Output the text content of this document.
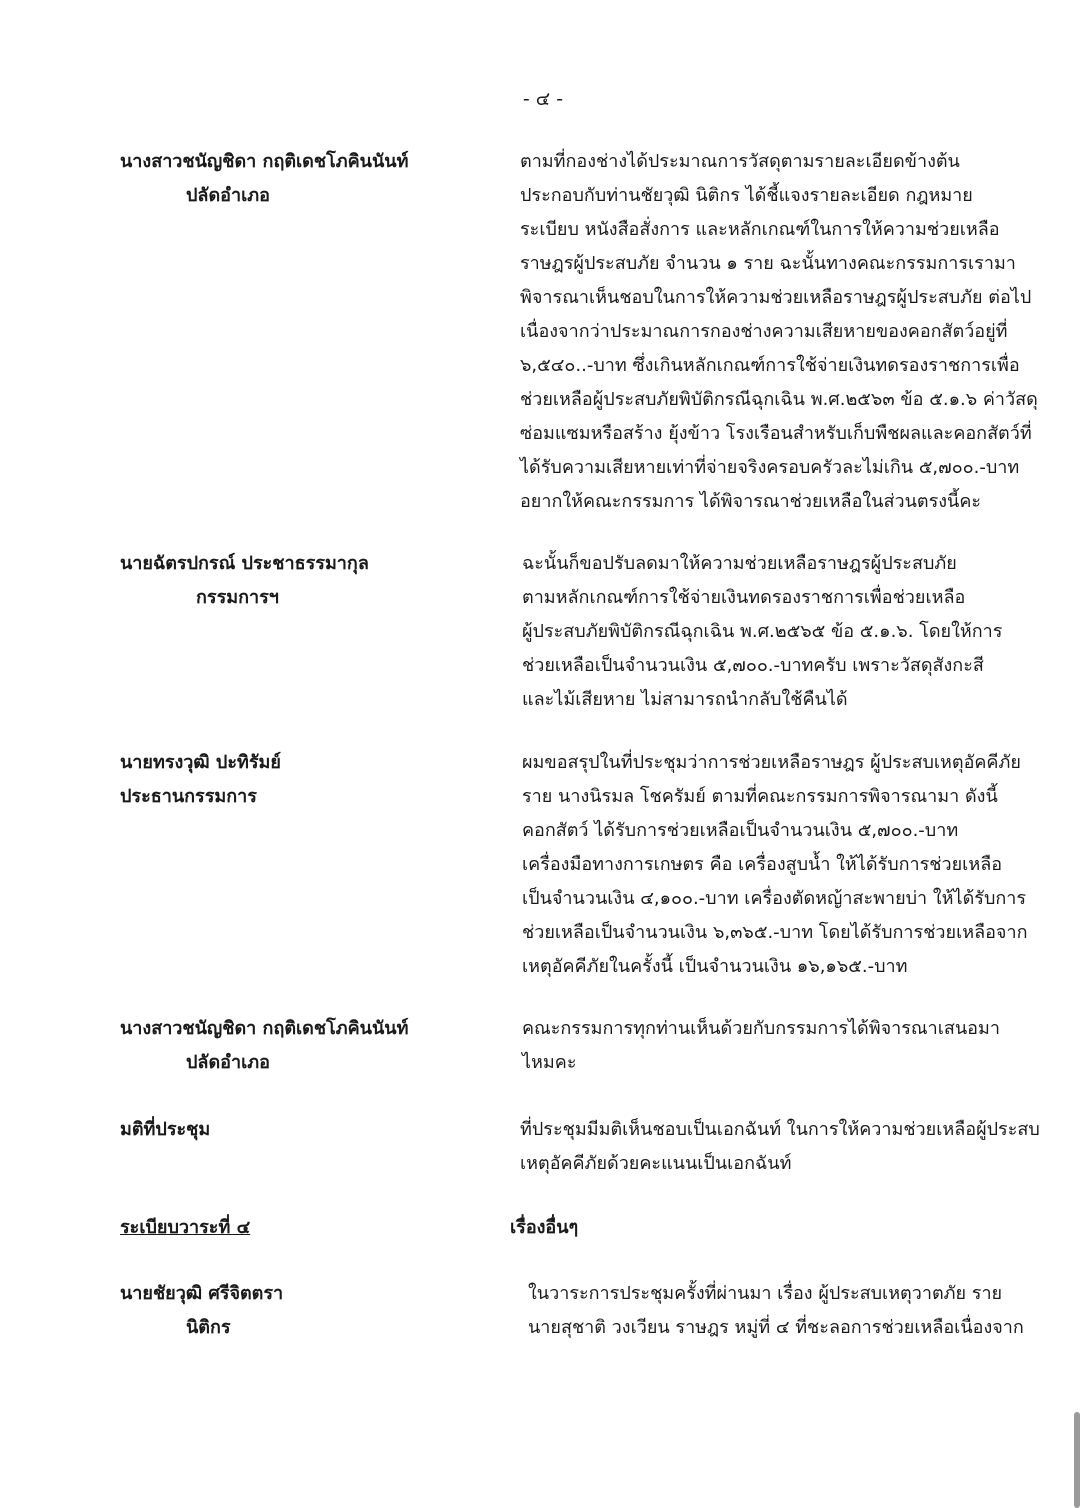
- ๔ -
นางสาวชนัญชิดา กฤติเดชโภคินนันท์
ปลัดอำเภอ
ตามที่กองช่างได้ประมาณการวัสดุตามรายละเอียดข้างต้น
ประกอบกับท่านชัยวุฒิ นิติกร ได้ชี้แจงรายละเอียด กฎหมาย
ระเบียบ หนังสือสั่งการ และหลักเกณฑ์ในการให้ความช่วยเหลือ
ราษฎรผู้ประสบภัย จำนวน ๑ ราย ฉะนั้นทางคณะกรรมการเรามา
พิจารณาเห็นชอบในการให้ความช่วยเหลือราษฎรผู้ประสบภัย ต่อไป
เนื่องจากว่าประมาณการกองช่างความเสียหายของคอกสัตว์อยู่ที่
๖,๕๔๐..-บาท ซึ่งเกินหลักเกณฑ์การใช้จ่ายเงินทดรองราชการเพื่อ
ช่วยเหลือผู้ประสบภัยพิบัติกรณีฉุกเฉิน พ.ศ.๒๕๖๓ ข้อ ๕.๑.๖ ค่าวัสดุ
ซ่อมแซมหรือสร้าง ยุ้งข้าว โรงเรือนสำหรับเก็บพืชผลและคอกสัตว์ที่
ได้รับความเสียหายเท่าที่จ่ายจริงครอบครัวละไม่เกิน ๕,๗๐๐.-บาท
อยากให้คณะกรรมการ ได้พิจารณาช่วยเหลือในส่วนตรงนี้คะ
นายฉัตรปกรณ์ ประชาธรรมากุล
กรรมการฯ
ฉะนั้นก็ขอปรับลดมาให้ความช่วยเหลือราษฎรผู้ประสบภัย
ตามหลักเกณฑ์การใช้จ่ายเงินทดรองราชการเพื่อช่วยเหลือ
ผู้ประสบภัยพิบัติกรณีฉุกเฉิน พ.ศ.๒๕๖๕ ข้อ ๕.๑.๖. โดยให้การ
ช่วยเหลือเป็นจำนวนเงิน ๕,๗๐๐.-บาทครับ เพราะวัสดุสังกะสี
และไม้เสียหาย ไม่สามารถนำกลับใช้คืนได้
นายทรงวุฒิ ปะทิรัมย์
ประธานกรรมการ
ผมขอสรุปในที่ประชุมว่าการช่วยเหลือราษฎร ผู้ประสบเหตุอัคคีภัย
ราย นางนิรมล โชครัมย์ ตามที่คณะกรรมการพิจารณามา ดังนี้
คอกสัตว์ ได้รับการช่วยเหลือเป็นจำนวนเงิน ๕,๗๐๐.-บาท
เครื่องมือทางการเกษตร คือ เครื่องสูบน้ำ ให้ได้รับการช่วยเหลือ
เป็นจำนวนเงิน ๔,๑๐๐.-บาท เครื่องตัดหญ้าสะพายบ่า ให้ได้รับการ
ช่วยเหลือเป็นจำนวนเงิน ๖,๓๖๕.-บาท โดยได้รับการช่วยเหลือจาก
เหตุอัคคีภัยในครั้งนี้ เป็นจำนวนเงิน ๑๖,๑๖๕.-บาท
นางสาวชนัญชิดา กฤติเดชโภคินนันท์
ปลัดอำเภอ
คณะกรรมการทุกท่านเห็นด้วยกับกรรมการได้พิจารณาเสนอมา
ไหมคะ
มติที่ประชุม	ที่ประชุมมีมติเห็นชอบเป็นเอกฉันท์ ในการให้ความช่วยเหลือผู้ประสบ
เหตุอัคคีภัยด้วยคะแนนเป็นเอกฉันท์
ระเบียบวาระที่ ๔	เรื่องอื่นๆ
นายชัยวุฒิ ศรีจิตตรา
นิติกร
ในวาระการประชุมครั้งที่ผ่านมา เรื่อง ผู้ประสบเหตุวาตภัย ราย
นายสุชาติ วงเวียน ราษฎร หมู่ที่ ๔ ที่ชะลอการช่วยเหลือเนื่องจาก
